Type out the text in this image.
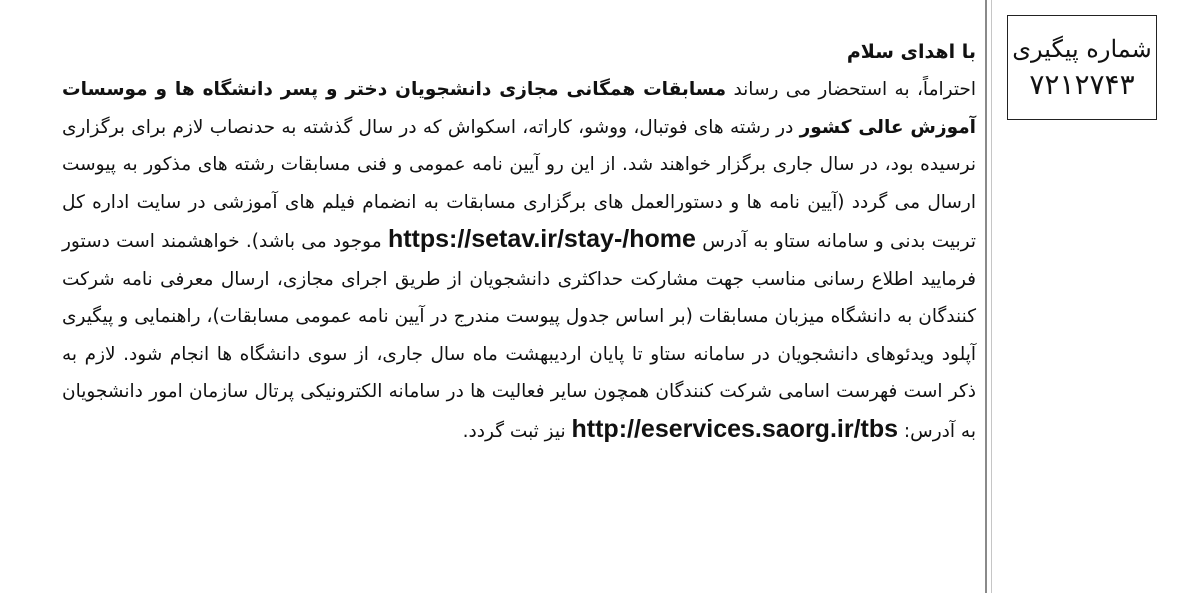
شماره پیگیری
۷۲۱۲۷۴۳
با اهدای سلام

احتراماً، به استحضار می رساند مسابقات همگانی مجازی دانشجویان دختر و پسر دانشگاه ها و موسسات آموزش عالی کشور در رشته های فوتبال، ووشو، کاراته، اسکواش که در سال گذشته به حدنصاب لازم برای برگزاری نرسیده بود، در سال جاری برگزار خواهند شد. از این رو آیین نامه عمومی و فنی مسابقات رشته های مذکور به پیوست ارسال می گردد (آیین نامه ها و دستورالعمل های برگزاری مسابقات به انضمام فیلم های آموزشی در سایت اداره کل تربیت بدنی و سامانه ستاو به آدرس https://setav.ir/stay-/home موجود می باشد). خواهشمند است دستور فرمایید اطلاع رسانی مناسب جهت مشارکت حداکثری دانشجویان از طریق اجرای مجازی، ارسال معرفی نامه شرکت کنندگان به دانشگاه میزبان مسابقات (بر اساس جدول پیوست مندرج در آیین نامه عمومی مسابقات)، راهنمایی و پیگیری آپلود ویدئوهای دانشجویان در سامانه ستاو تا پایان اردیبهشت ماه سال جاری، از سوی دانشگاه ها انجام شود. لازم به ذکر است فهرست اسامی شرکت کنندگان همچون سایر فعالیت ها در سامانه الکترونیکی پرتال سازمان امور دانشجویان به آدرس: http://eservices.saorg.ir/tbs نیز ثبت گردد.
